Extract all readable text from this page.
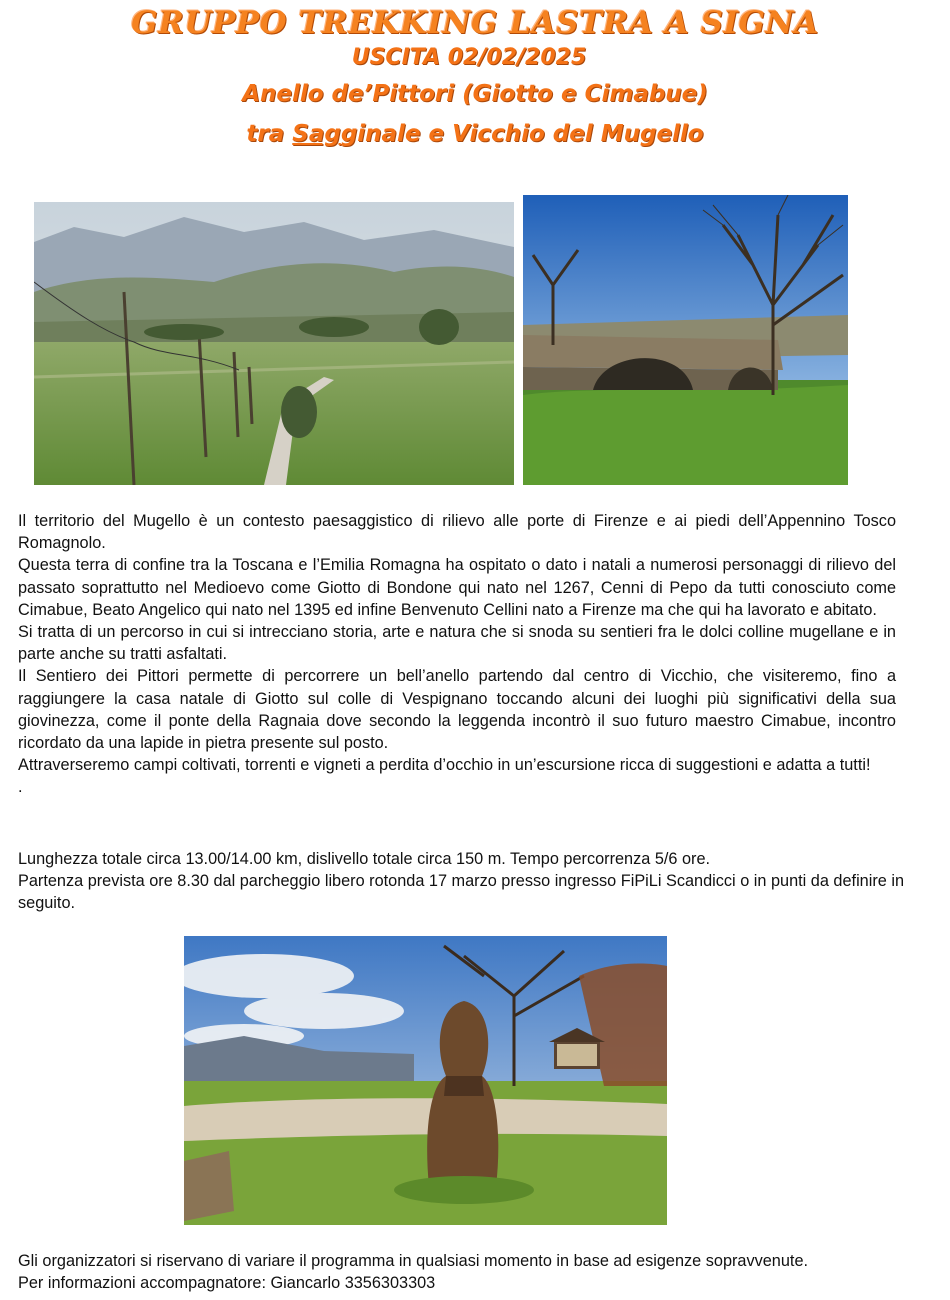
GRUPPO TREKKING LASTRA A SIGNA

USCITA 02/02/2025

Anello de’Pittori (Giotto e Cimabue)

tra Sagginale e Vicchio del Mugello

Il territorio del Mugello è un contesto paesaggistico di rilievo alle porte di Firenze e ai piedi dell’Appennino Tosco Romagnolo.

Questa terra di confine tra la Toscana e l’Emilia Romagna ha ospitato o dato i natali a numerosi personaggi di rilievo del passato soprattutto nel Medioevo come Giotto di Bondone qui nato nel 1267, Cenni di Pepo da tutti conosciuto come Cimabue, Beato Angelico qui nato nel 1395 ed infine Benvenuto Cellini nato a Firenze ma che qui ha lavorato e abitato.

Si tratta di un percorso in cui si intrecciano storia, arte e natura che si snoda su sentieri fra le dolci colline mugellane e in parte anche su tratti asfaltati.

Il Sentiero dei Pittori permette di percorrere un bell’anello partendo dal centro di Vicchio, che visiteremo, fino a raggiungere la casa natale di Giotto sul colle di Vespignano toccando alcuni dei luoghi più significativi della sua giovinezza, come il ponte della Ragnaia dove secondo la leggenda incontrò il suo futuro maestro Cimabue, incontro ricordato da una lapide in pietra presente sul posto.

Attraverseremo campi coltivati, torrenti e vigneti a perdita d’occhio in un’escursione ricca di suggestioni e adatta a tutti!

.

Lunghezza totale circa 13.00/14.00 km, dislivello totale circa 150 m. Tempo percorrenza 5/6 ore.

Partenza prevista ore 8.30 dal parcheggio libero rotonda 17 marzo presso ingresso FiPiLi Scandicci o in punti da definire in seguito.

Gli organizzatori si riservano di variare il programma in qualsiasi momento in base ad esigenze sopravvenute.

Per informazioni accompagnatore: Giancarlo 3356303303
